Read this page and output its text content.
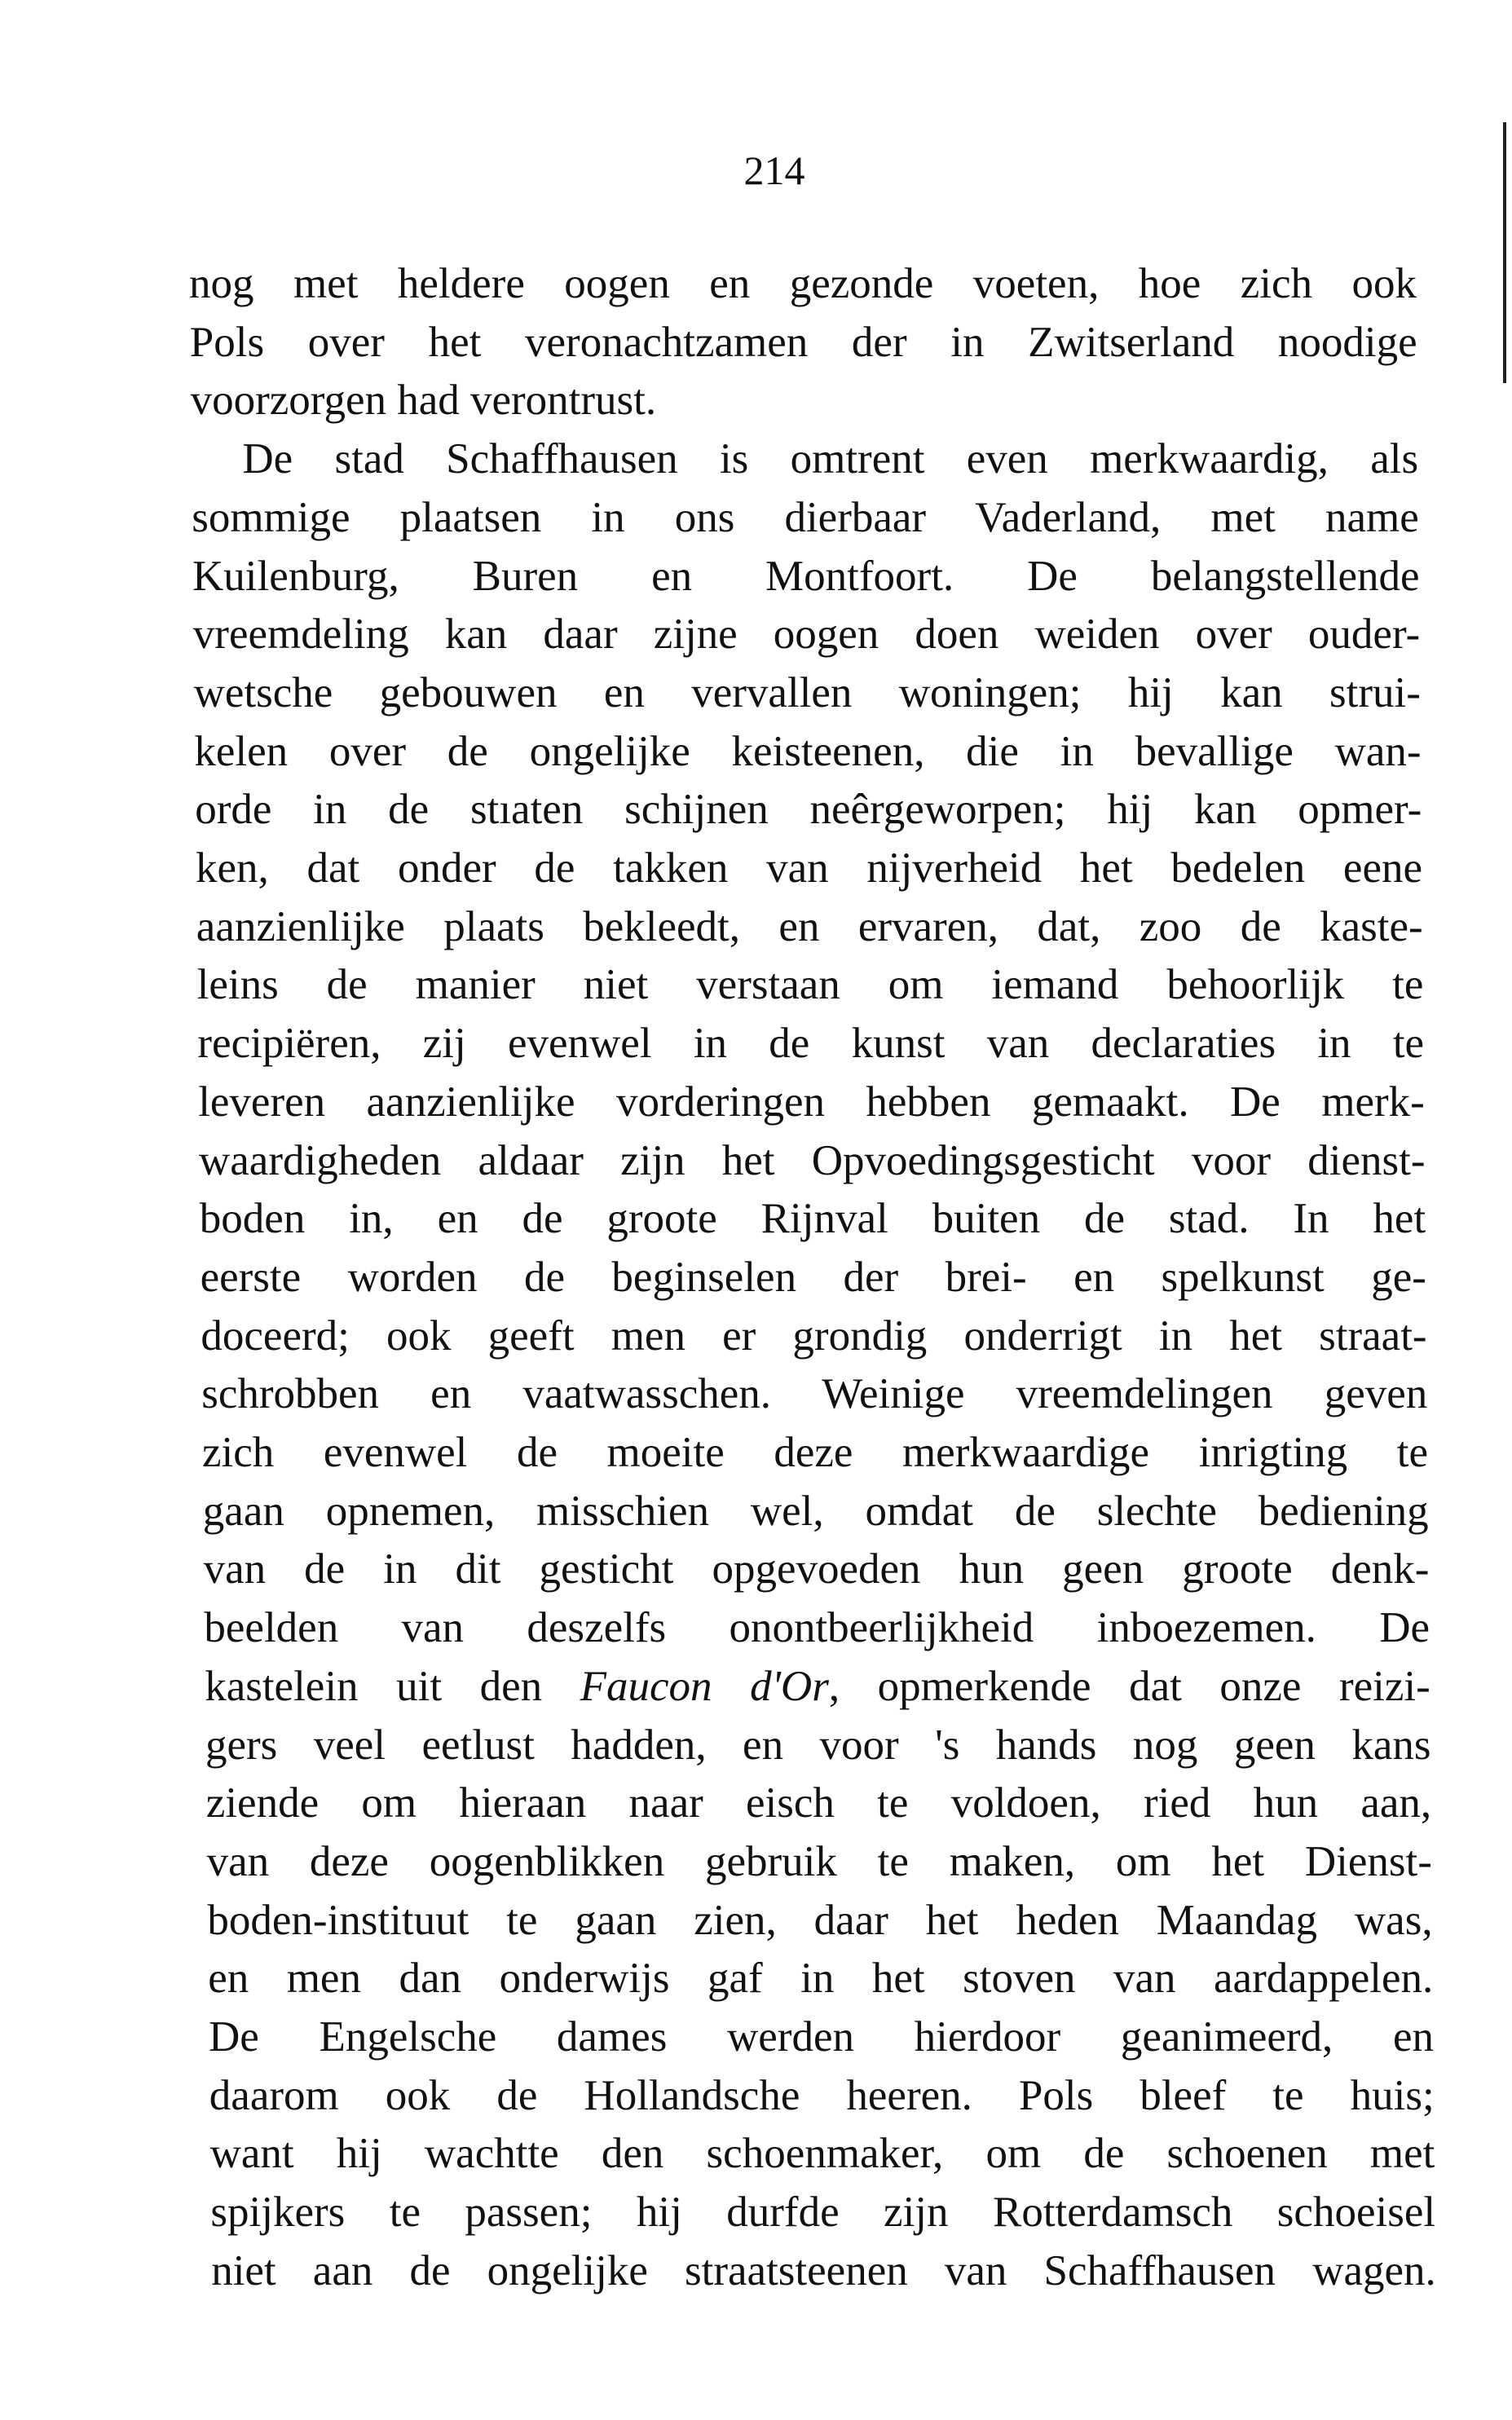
214
nog met heldere oogen en gezonde voeten, hoe zich ook
Pols over het veronachtzamen der in Zwitserland noodige
voorzorgen had verontrust.
De stad Schaffhausen is omtrent even merkwaardig, als
sommige plaatsen in ons dierbaar Vaderland, met name
Kuilenburg, Buren en Montfoort. De belangstellende
vreemdeling kan daar zijne oogen doen weiden over ouder-
wetsche gebouwen en vervallen woningen; hij kan strui-
kelen over de ongelijke keisteenen, die in bevallige wan-
orde in de stıaten schijnen neêrgeworpen; hij kan opmer-
ken, dat onder de takken van nijverheid het bedelen eene
aanzienlijke plaats bekleedt, en ervaren, dat, zoo de kaste-
leins de manier niet verstaan om iemand behoorlijk te
recipiëren, zij evenwel in de kunst van declaraties in te
leveren aanzienlijke vorderingen hebben gemaakt. De merk-
waardigheden aldaar zijn het Opvoedingsgesticht voor dienst-
boden in, en de groote Rijnval buiten de stad. In het
eerste worden de beginselen der brei- en spelkunst ge-
doceerd; ook geeft men er grondig onderrigt in het straat-
schrobben en vaatwasschen. Weinige vreemdelingen geven
zich evenwel de moeite deze merkwaardige inrigting te
gaan opnemen, misschien wel, omdat de slechte bediening
van de in dit gesticht opgevoeden hun geen groote denk-
beelden van deszelfs onontbeerlijkheid inboezemen. De
kastelein uit den Faucon d'Or, opmerkende dat onze reizi-
gers veel eetlust hadden, en voor 's hands nog geen kans
ziende om hieraan naar eisch te voldoen, ried hun aan,
van deze oogenblikken gebruik te maken, om het Dienst-
boden-instituut te gaan zien, daar het heden Maandag was,
en men dan onderwijs gaf in het stoven van aardappelen.
De Engelsche dames werden hierdoor geanimeerd, en
daarom ook de Hollandsche heeren. Pols bleef te huis;
want hij wachtte den schoenmaker, om de schoenen met
spijkers te passen; hij durfde zijn Rotterdamsch schoeisel
niet aan de ongelijke straatsteenen van Schaffhausen wagen.
